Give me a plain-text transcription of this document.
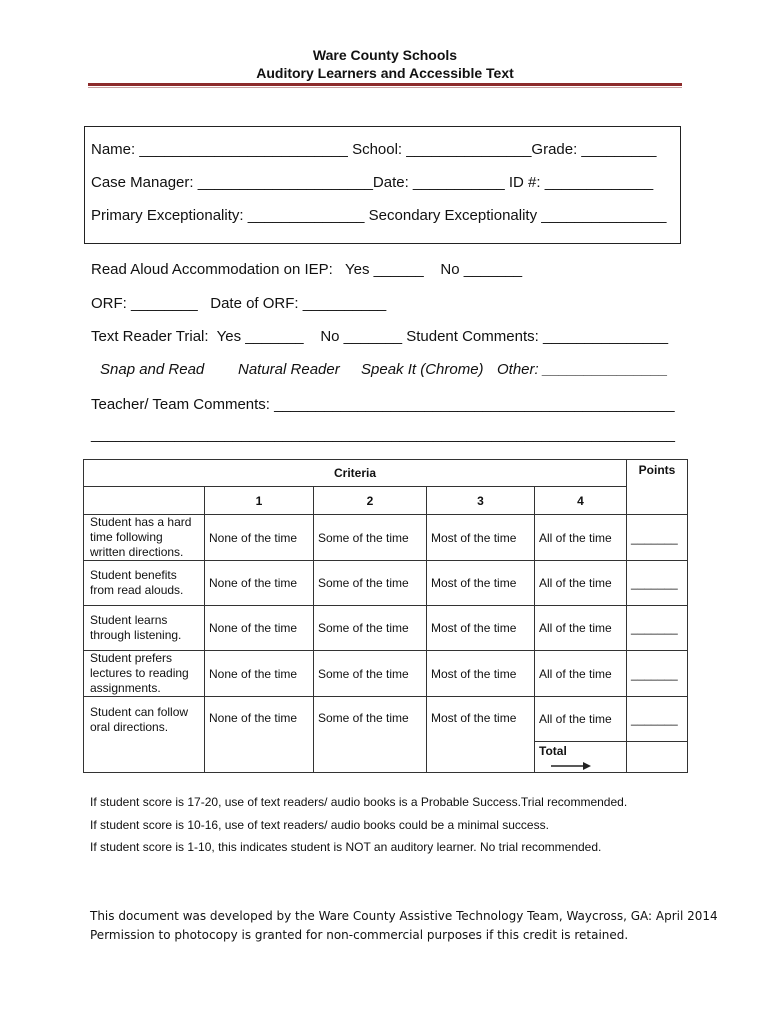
Ware County Schools
Auditory Learners and Accessible Text
Name: _________________________ School: _______________Grade: _________
Case Manager: _____________________Date: ___________ ID #: _____________
Primary Exceptionality: ______________ Secondary Exceptionality _______________
Read Aloud Accommodation on IEP:   Yes ______    No _______
ORF: ________   Date of ORF: __________
Text Reader Trial:  Yes _______    No _______ Student Comments: _______________
Snap and Read Natural Reader Speak It (Chrome) Other: _______________
Teacher/ Team Comments: ________________________________________________
______________________________________________________________________
Criteria					Points
	1	2	3	4	
Student has a hard time following written directions.	None of the time	Some of the time	Most of the time	All of the time	_______
Student benefits from read alouds.	None of the time	Some of the time	Most of the time	All of the time	_______
Student learns through listening.	None of the time	Some of the time	Most of the time	All of the time	_______
Student prefers lectures to reading assignments.	None of the time	Some of the time	Most of the time	All of the time	_______
Student can follow oral directions.	None of the time	Some of the time	Most of the time	All of the time	_______
				Total	
If student score is 17-20, use of text readers/ audio books is a Probable Success.Trial recommended.
If student score is 10-16, use of text readers/ audio books could be a minimal success.
If student score is 1-10, this indicates student is NOT an auditory learner. No trial recommended.
This document was developed by the Ware County Assistive Technology Team, Waycross, GA: April 2014
Permission to photocopy is granted for non-commercial purposes if this credit is retained.
